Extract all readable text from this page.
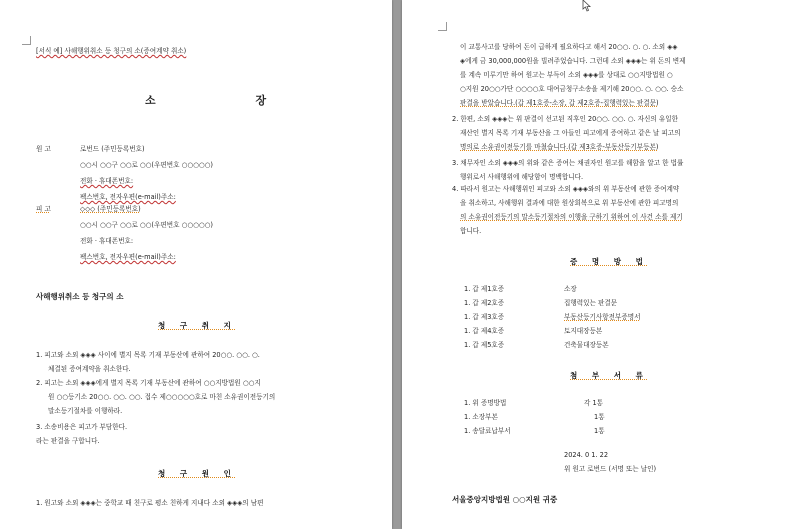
[서식 예] 사해행위취소 등 청구의 소(증여계약 취소)
소 장
원 고	로번드 (주민등록번호)
○○시 ○○구 ○○로 ○○(우편번호 ○○○○○)
전화 · 휴대폰번호:
팩스번호, 전자우편(e-mail)주소:
피 고	◇◇◇ (주민등록번호)
○○시 ○○구 ○○로 ○○(우편번호 ○○○○○)
전화 · 휴대폰번호:
팩스번호, 전자우편(e-mail)주소:
사해행위취소 등 청구의 소
청 구 취 지
1. 피고와 소외 ◈◈◈ 사이에 별지 목록 기재 부동산에 관하여 20○○. ○○. ○.
체결된 증여계약을 취소한다.
2. 피고는 소외 ◈◈◈에게 별지 목록 기재 부동산에 관하여 ○○지방법원 ○○지
원 ○○등기소 20○○. ○○. ○○. 접수 제○○○○○호로 마친 소유권이전등기의
말소등기절차를 이행하라.
3. 소송비용은 피고가 부담한다.
라는 판결을 구합니다.
청 구 원 인
1. 원고와 소외 ◈◈◈는 중학교 때 친구로 평소 친하게 지내다 소외 ◈◈◈의 남편
이 교통사고를 당하여 돈이 급하게 필요하다고 해서 20○○. ○. ○. 소외 ◈◈
◈에게 금 30,000,000원을 빌려주었습니다. 그런데 소외 ◈◈◈는 위 돈의 변제
를 계속 미루기만 하여 원고는 부득이 소외 ◈◈◈를 상대로 ○○지방법원 ○
○지원 20○○가단 ○○○○호 대여금청구소송을 제기해 20○○. ○. ○○. 승소
판결을 받았습니다.(갑 제1호증-소장, 갑 제2호증-집행력있는 판결문)
2. 한편, 소외 ◈◈◈는 위 판결이 선고된 직후인 20○○. ○○. ○. 자신의 유일한
재산인 별지 목록 기재 부동산을 그 아들인 피고에게 증여하고 같은 날 피고의
명의로 소유권이전등기를 마쳤습니다.(갑 제3호증-부동산등기부등본)
3. 채무자인 소외 ◈◈◈의 위와 같은 증여는 채권자인 원고를 해함을 알고 한 법률
행위로서 사해행위에 해당함이 명백합니다.
4. 따라서 원고는 사해행위인 피고와 소외 ◈◈◈와의 위 부동산에 관한 증여계약
을 취소하고, 사해행위 결과에 대한 원상회복으로 위 부동산에 관한 피고명의
의 소유권이전등기의 말소등기절차의 이행을 구하기 위하여 이 사건 소를 제기
합니다.
증 명 방 법
1. 갑 제1호증	소장
1. 갑 제2호증	집행력있는 판결문
1. 갑 제3호증	부동산등기사항전부증명서
1. 갑 제4호증	토지대장등본
1. 갑 제5호증	건축물대장등본
첨 부 서 류
1. 위 증명방법	각 1통
1. 소장부본	1통
1. 송달료납부서	1통
2024. 0 1. 22
위 원고 로번드 (서명 또는 날인)
서울중앙지방법원 ○○지원 귀중
